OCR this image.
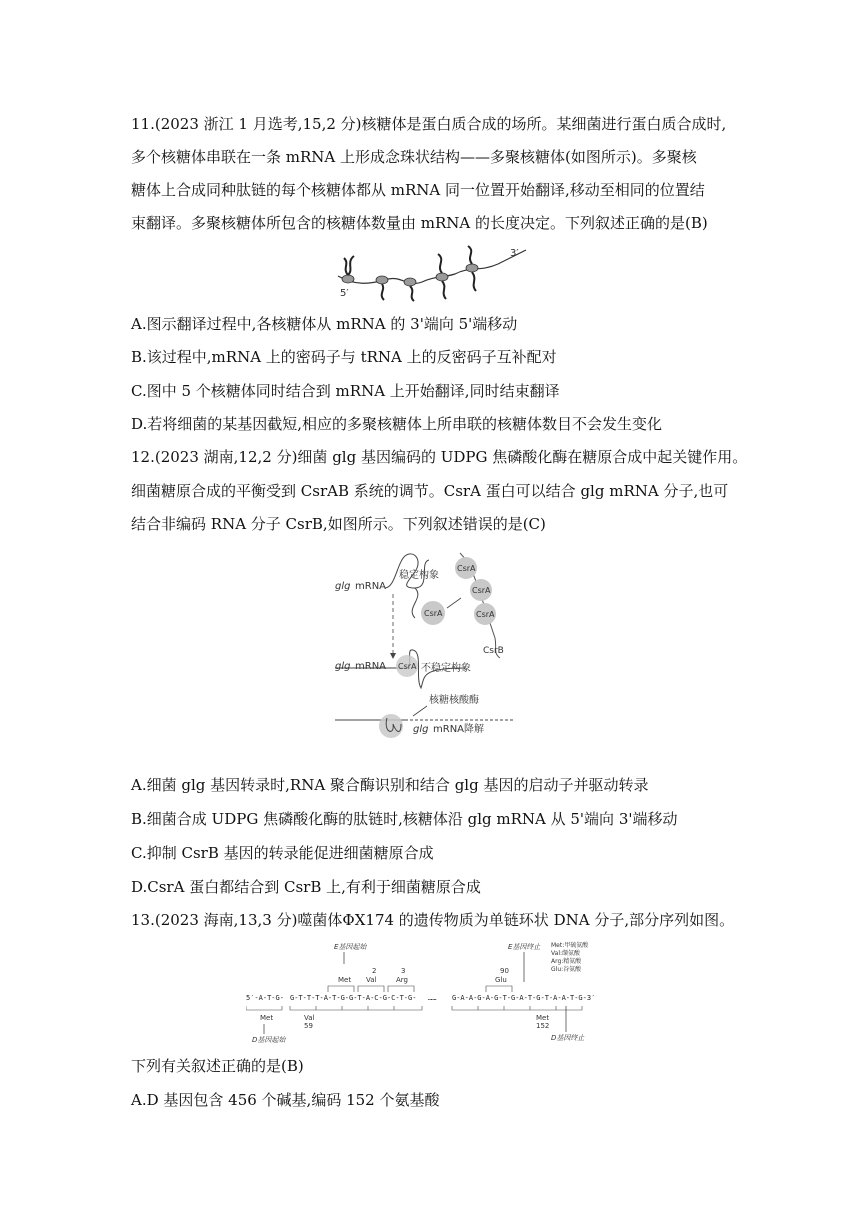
11.(2023 浙江 1 月选考,15,2 分)核糖体是蛋白质合成的场所。某细菌进行蛋白质合成时,
多个核糖体串联在一条 mRNA 上形成念珠状结构——多聚核糖体(如图所示)。多聚核
糖体上合成同种肽链的每个核糖体都从 mRNA 同一位置开始翻译,移动至相同的位置结
束翻译。多聚核糖体所包含的核糖体数量由 mRNA 的长度决定。下列叙述正确的是(B)
3′
5′
A.图示翻译过程中,各核糖体从 mRNA 的 3'端向 5'端移动
B.该过程中,mRNA 上的密码子与 tRNA 上的反密码子互补配对
C.图中 5 个核糖体同时结合到 mRNA 上开始翻译,同时结束翻译
D.若将细菌的某基因截短,相应的多聚核糖体上所串联的核糖体数目不会发生变化
12.(2023 湖南,12,2 分)细菌 glg 基因编码的 UDPG 焦磷酸化酶在糖原合成中起关键作用。
细菌糖原合成的平衡受到 CsrAB 系统的调节。CsrA 蛋白可以结合 glg mRNA 分子,也可
结合非编码 RNA 分子 CsrB,如图所示。下列叙述错误的是(C)
glg mRNA
稳定构象
CsrA
CsrA
CsrA
CsrA
CsrB
glg mRNA CsrA 不稳定构象
核糖核酸酶
glg mRNA降解
A.细菌 glg 基因转录时,RNA 聚合酶识别和结合 glg 基因的启动子并驱动转录
B.细菌合成 UDPG 焦磷酸化酶的肽链时,核糖体沿 glg mRNA 从 5'端向 3'端移动
C.抑制 CsrB 基因的转录能促进细菌糖原合成
D.CsrA 蛋白都结合到 CsrB 上,有利于细菌糖原合成
13.(2023 海南,13,3 分)噬菌体ΦX174 的遗传物质为单链环状 DNA 分子,部分序列如图。
E基因起始	E基因终止 Met:甲硫氨酸
Val:缬氨酸
Arg:精氨酸
Glu:谷氨酸
2	3	90
Met Val	Arg	Glu
5′-A-T-G- G-T-T-T-A-T-G-G-T-A-C-G-C-T-G- …… G-A-A-G-A-G-T-G-A-T-G-T-A-A-T-G-3′
Met	Val
59
Met
152
D基因起始	D基因终止
下列有关叙述正确的是(B)
A.D 基因包含 456 个碱基,编码 152 个氨基酸
